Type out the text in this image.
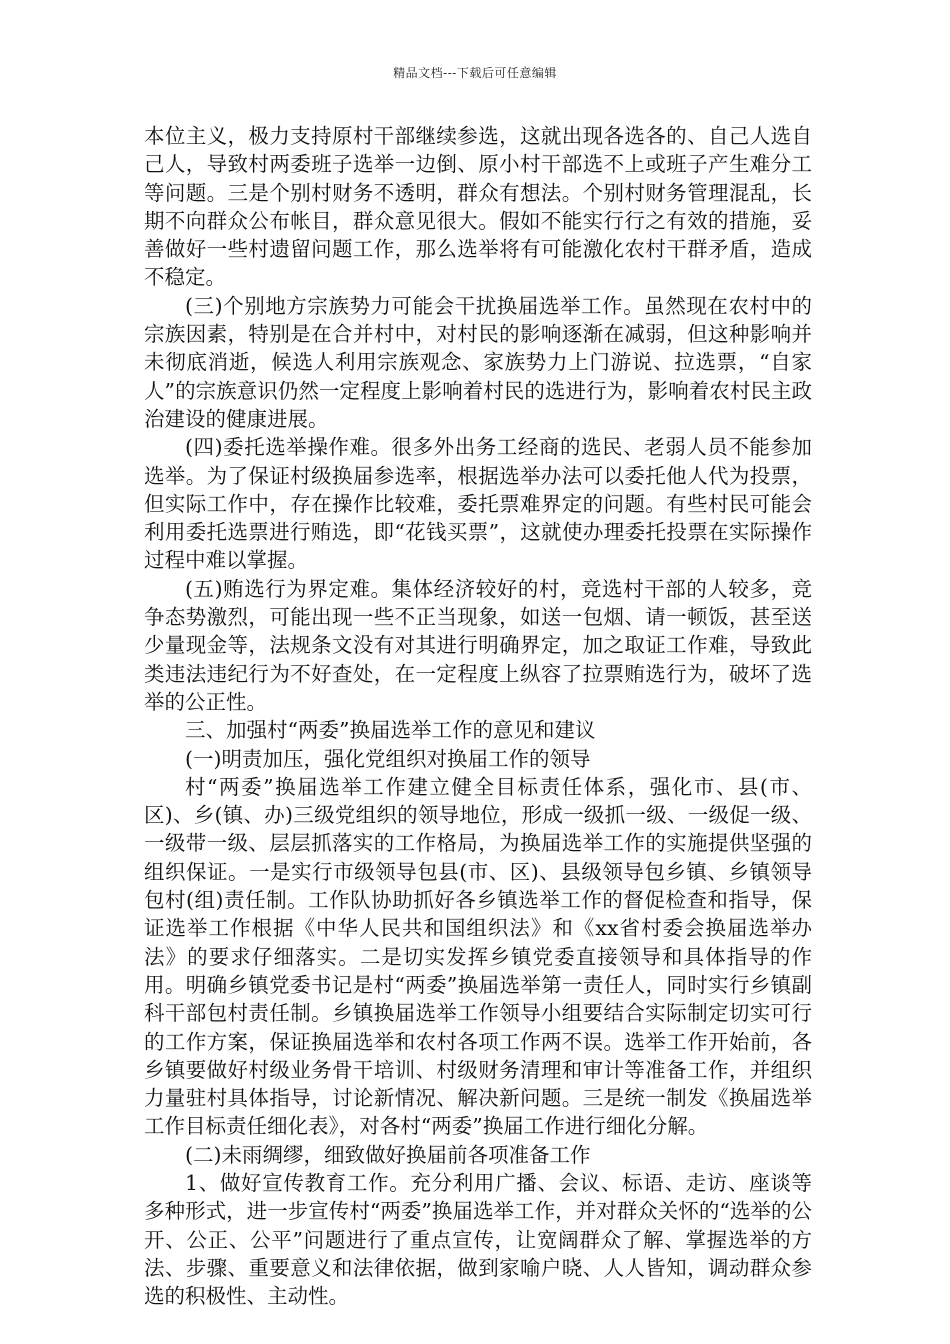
精品文档---下载后可任意编辑

本位主义，极力支持原村干部继续参选，这就出现各选各的、自己人选自己人，导致村两委班子选举一边倒、原小村干部选不上或班子产生难分工等问题。三是个别村财务不透明，群众有想法。个别村财务管理混乱，长期不向群众公布帐目，群众意见很大。假如不能实行行之有效的措施，妥善做好一些村遗留问题工作，那么选举将有可能激化农村干群矛盾，造成不稳定。

(三)个别地方宗族势力可能会干扰换届选举工作。虽然现在农村中的宗族因素，特别是在合并村中，对村民的影响逐渐在减弱，但这种影响并未彻底消逝，候选人利用宗族观念、家族势力上门游说、拉选票，“自家人”的宗族意识仍然一定程度上影响着村民的选进行为，影响着农村民主政治建设的健康进展。

(四)委托选举操作难。很多外出务工经商的选民、老弱人员不能参加选举。为了保证村级换届参选率，根据选举办法可以委托他人代为投票，但实际工作中，存在操作比较难，委托票难界定的问题。有些村民可能会利用委托选票进行贿选，即“花钱买票”，这就使办理委托投票在实际操作过程中难以掌握。

(五)贿选行为界定难。集体经济较好的村，竞选村干部的人较多，竞争态势激烈，可能出现一些不正当现象，如送一包烟、请一顿饭，甚至送少量现金等，法规条文没有对其进行明确界定，加之取证工作难，导致此类违法违纪行为不好查处，在一定程度上纵容了拉票贿选行为，破坏了选举的公正性。

三、加强村“两委”换届选举工作的意见和建议

(一)明责加压，强化党组织对换届工作的领导

村“两委”换届选举工作建立健全目标责任体系，强化市、县(市、区)、乡(镇、办)三级党组织的领导地位，形成一级抓一级、一级促一级、一级带一级、层层抓落实的工作格局，为换届选举工作的实施提供坚强的组织保证。一是实行市级领导包县(市、区)、县级领导包乡镇、乡镇领导包村(组)责任制。工作队协助抓好各乡镇选举工作的督促检查和指导，保证选举工作根据《中华人民共和国组织法》和《xx省村委会换届选举办法》的要求仔细落实。二是切实发挥乡镇党委直接领导和具体指导的作用。明确乡镇党委书记是村“两委”换届选举第一责任人，同时实行乡镇副科干部包村责任制。乡镇换届选举工作领导小组要结合实际制定切实可行的工作方案，保证换届选举和农村各项工作两不误。选举工作开始前，各乡镇要做好村级业务骨干培训、村级财务清理和审计等准备工作，并组织力量驻村具体指导，讨论新情况、解决新问题。三是统一制发《换届选举工作目标责任细化表》，对各村“两委”换届工作进行细化分解。

(二)未雨绸缪，细致做好换届前各项准备工作

1、做好宣传教育工作。充分利用广播、会议、标语、走访、座谈等多种形式，进一步宣传村“两委”换届选举工作，并对群众关怀的“选举的公开、公正、公平”问题进行了重点宣传，让宽阔群众了解、掌握选举的方法、步骤、重要意义和法律依据，做到家喻户晓、人人皆知，调动群众参选的积极性、主动性。
